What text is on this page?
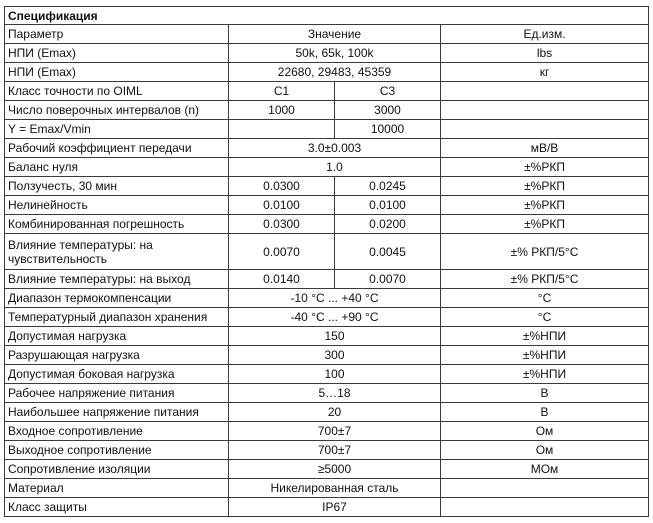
Спецификация			
Параметр	Значение		Ед.изм.
НПИ (Emax)	50k, 65k, 100k		lbs
НПИ (Emax)	22680, 29483, 45359		кг
Класс точности по OIML	C1	C3	
Число поверочных интервалов (n)	1000	3000	
Y = Emax/Vmin		10000	
Рабочий коэффициент передачи	3.0±0.003		мВ/В
Баланс нуля	1.0		±%РКП
Ползучесть, 30 мин	0.0300	0.0245	±%РКП
Нелинейность	0.0100	0.0100	±%РКП
Комбинированная погрешность	0.0300	0.0200	±%РКП
Влияние температуры: на чувствительность	0.0070	0.0045	±% РКП/5°С
Влияние температуры: на выход	0.0140	0.0070	±% РКП/5°С
Диапазон термокомпенсации	-10 °C ... +40 °C		°C
Температурный диапазон хранения	-40 °C ... +90 °C		°C
Допустимая нагрузка	150		±%НПИ
Разрушающая нагрузка	300		±%НПИ
Допустимая боковая нагрузка	100		±%НПИ
Рабочее напряжение питания	5…18		В
Наибольшее напряжение питания	20		В
Входное сопротивление	700±7		Ом
Выходное сопротивление	700±7		Ом
Сопротивление изоляции	≥5000		МОм
Материал	Никелированная сталь		
Класс защиты	IP67		
